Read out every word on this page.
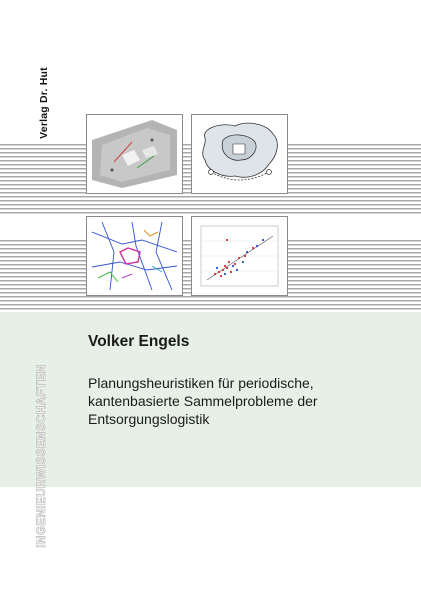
Verlag Dr. Hut
Volker Engels
Planungsheuristiken für periodische,
kantenbasierte Sammelprobleme der
Entsorgungslogistik
INGENIEURWISSENSCHAFTEN
